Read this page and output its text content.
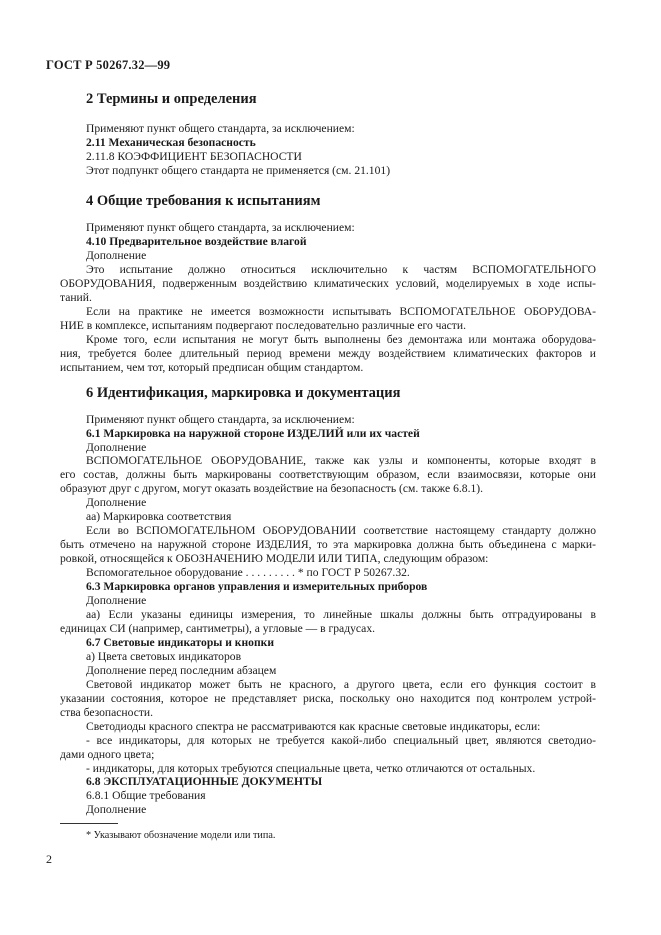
ГОСТ Р 50267.32—99
2 Термины и определения
Применяют пункт общего стандарта, за исключением:
2.11 Механическая безопасность
2.11.8 КОЭФФИЦИЕНТ БЕЗОПАСНОСТИ
Этот подпункт общего стандарта не применяется (см. 21.101)
4 Общие требования к испытаниям
Применяют пункт общего стандарта, за исключением:
4.10 Предварительное воздействие влагой
Дополнение
Это испытание должно относиться исключительно к частям ВСПОМОГАТЕЛЬНОГО
ОБОРУДОВАНИЯ, подверженным воздействию климатических условий, моделируемых в ходе испы-
таний.
Если на практике не имеется возможности испытывать ВСПОМОГАТЕЛЬНОЕ ОБОРУДОВА-
НИЕ в комплексе, испытаниям подвергают последовательно различные его части.
Кроме того, если испытания не могут быть выполнены без демонтажа или монтажа оборудова-
ния, требуется более длительный период времени между воздействием климатических факторов и
испытанием, чем тот, который предписан общим стандартом.
6 Идентификация, маркировка и документация
Применяют пункт общего стандарта, за исключением:
6.1 Маркировка на наружной стороне ИЗДЕЛИЙ или их частей
Дополнение
ВСПОМОГАТЕЛЬНОЕ ОБОРУДОВАНИЕ, также как узлы и компоненты, которые входят в
его состав, должны быть маркированы соответствующим образом, если взаимосвязи, которые они
образуют друг с другом, могут оказать воздействие на безопасность (см. также 6.8.1).
Дополнение
аа) Маркировка соответствия
Если во ВСПОМОГАТЕЛЬНОМ ОБОРУДОВАНИИ соответствие настоящему стандарту должно
быть отмечено на наружной стороне ИЗДЕЛИЯ, то эта маркировка должна быть объединена с марки-
ровкой, относящейся к ОБОЗНАЧЕНИЮ МОДЕЛИ ИЛИ ТИПА, следующим образом:
Вспомогательное оборудование . . . . . . . . . * по ГОСТ Р 50267.32.
6.3 Маркировка органов управления и измерительных приборов
Дополнение
аа) Если указаны единицы измерения, то линейные шкалы должны быть отградуированы в
единицах СИ (например, сантиметры), а угловые — в градусах.
6.7 Световые индикаторы и кнопки
а) Цвета световых индикаторов
Дополнение перед последним абзацем
Световой индикатор может быть не красного, а другого цвета, если его функция состоит в
указании состояния, которое не представляет риска, поскольку оно находится под контролем устрой-
ства безопасности.
Светодиоды красного спектра не рассматриваются как красные световые индикаторы, если:
- все индикаторы, для которых не требуется какой-либо специальный цвет, являются светодио-
дами одного цвета;
- индикаторы, для которых требуются специальные цвета, четко отличаются от остальных.
6.8 ЭКСПЛУАТАЦИОННЫЕ ДОКУМЕНТЫ
6.8.1 Общие требования
Дополнение
* Указывают обозначение модели или типа.
2
